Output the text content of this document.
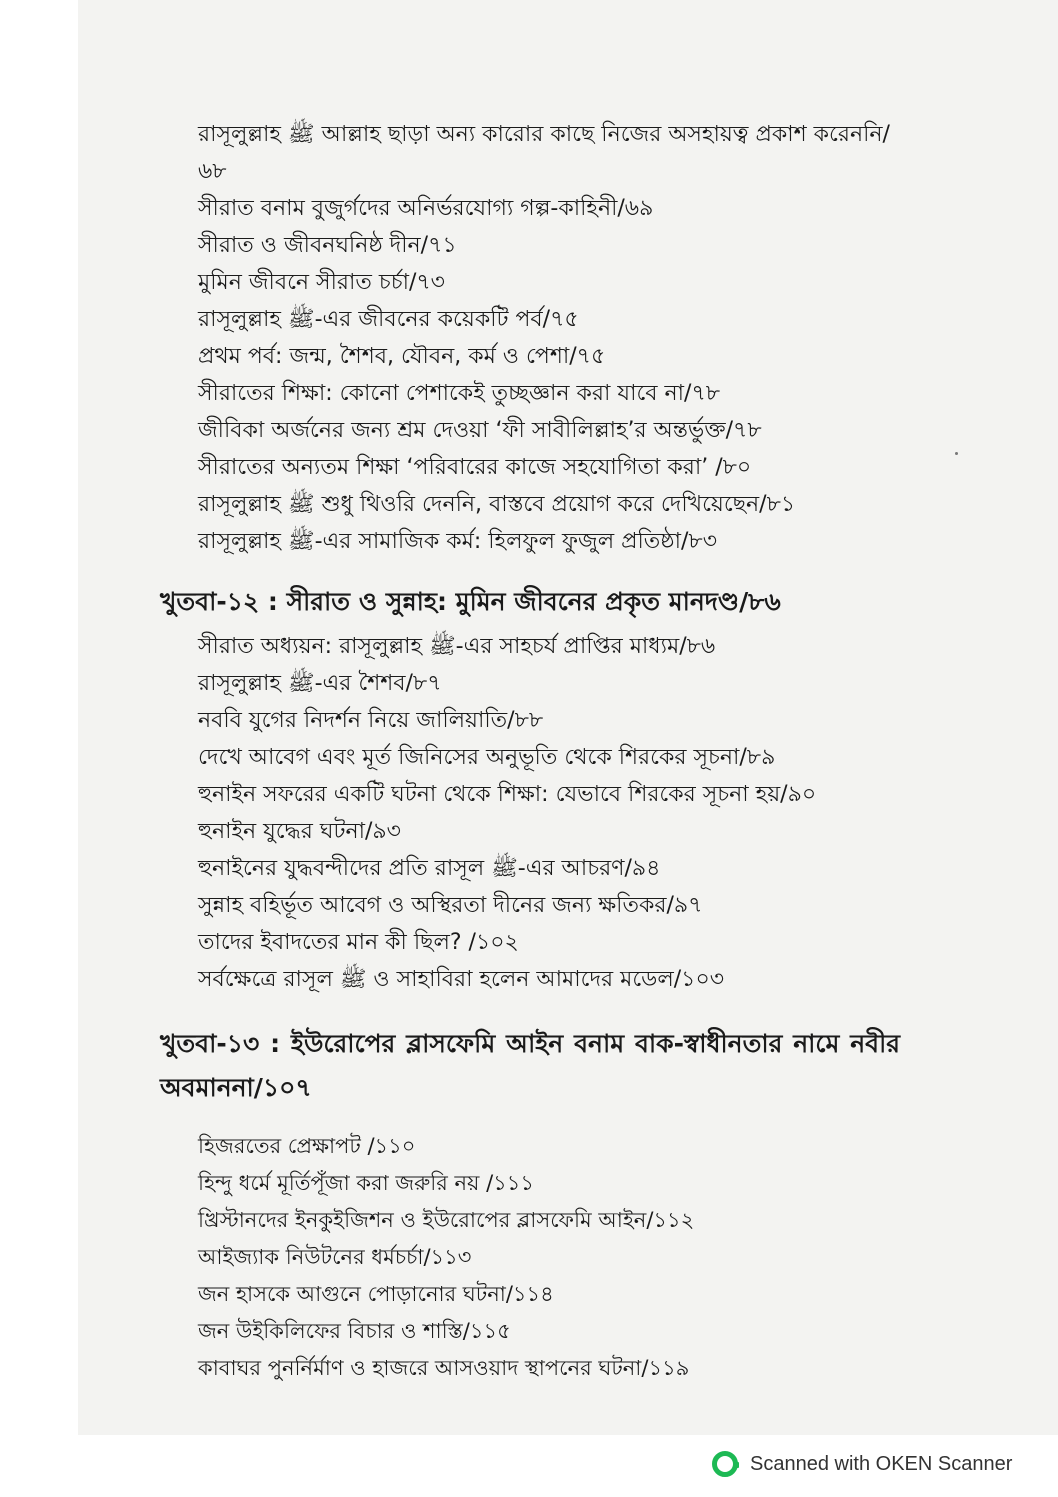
রাসূলুল্লাহ ﷺ আল্লাহ ছাড়া অন্য কারোর কাছে নিজের অসহায়ত্ব প্রকাশ করেননি/৬৮
সীরাত বনাম বুজুর্গদের অনির্ভরযোগ্য গল্প-কাহিনী/৬৯
সীরাত ও জীবনঘনিষ্ঠ দীন/৭১
মুমিন জীবনে সীরাত চর্চা/৭৩
রাসূলুল্লাহ ﷺ-এর জীবনের কয়েকটি পর্ব/৭৫
প্রথম পর্ব: জন্ম, শৈশব, যৌবন, কর্ম ও পেশা/৭৫
সীরাতের শিক্ষা: কোনো পেশাকেই তুচ্ছজ্ঞান করা যাবে না/৭৮
জীবিকা অর্জনের জন্য শ্রম দেওয়া ‘ফী সাবীলিল্লাহ’র অন্তর্ভুক্ত/৭৮
সীরাতের অন্যতম শিক্ষা ‘পরিবারের কাজে সহযোগিতা করা’ /৮০
রাসূলুল্লাহ ﷺ শুধু থিওরি দেননি, বাস্তবে প্রয়োগ করে দেখিয়েছেন/৮১
রাসূলুল্লাহ ﷺ-এর সামাজিক কর্ম: হিলফুল ফুজুল প্রতিষ্ঠা/৮৩
খুতবা-১২ : সীরাত ও সুন্নাহ: মুমিন জীবনের প্রকৃত মানদণ্ড/৮৬
সীরাত অধ্যয়ন: রাসূলুল্লাহ ﷺ-এর সাহচর্য প্রাপ্তির মাধ্যম/৮৬
রাসূলুল্লাহ ﷺ-এর শৈশব/৮৭
নববি যুগের নিদর্শন নিয়ে জালিয়াতি/৮৮
দেখে আবেগ এবং মূর্ত জিনিসের অনুভূতি থেকে শিরকের সূচনা/৮৯
হুনাইন সফরের একটি ঘটনা থেকে শিক্ষা: যেভাবে শিরকের সূচনা হয়/৯০
হুনাইন যুদ্ধের ঘটনা/৯৩
হুনাইনের যুদ্ধবন্দীদের প্রতি রাসূল ﷺ-এর আচরণ/৯৪
সুন্নাহ বহির্ভূত আবেগ ও অস্থিরতা দীনের জন্য ক্ষতিকর/৯৭
তাদের ইবাদতের মান কী ছিল? /১০২
সর্বক্ষেত্রে রাসূল ﷺ ও সাহাবিরা হলেন আমাদের মডেল/১০৩
খুতবা-১৩ : ইউরোপের ব্লাসফেমি আইন বনাম বাক-স্বাধীনতার নামে নবীর অবমাননা/১০৭
হিজরতের প্রেক্ষাপট /১১০
হিন্দু ধর্মে মূর্তিপূঁজা করা জরুরি নয় /১১১
খ্রিস্টানদের ইনকুইজিশন ও ইউরোপের ব্লাসফেমি আইন/১১২
আইজ্যাক নিউটনের ধর্মচর্চা/১১৩
জন হাসকে আগুনে পোড়ানোর ঘটনা/১১৪
জন উইকিলিফের বিচার ও শাস্তি/১১৫
কাবাঘর পুনর্নির্মাণ ও হাজরে আসওয়াদ স্থাপনের ঘটনা/১১৯
Scanned with OKEN Scanner
